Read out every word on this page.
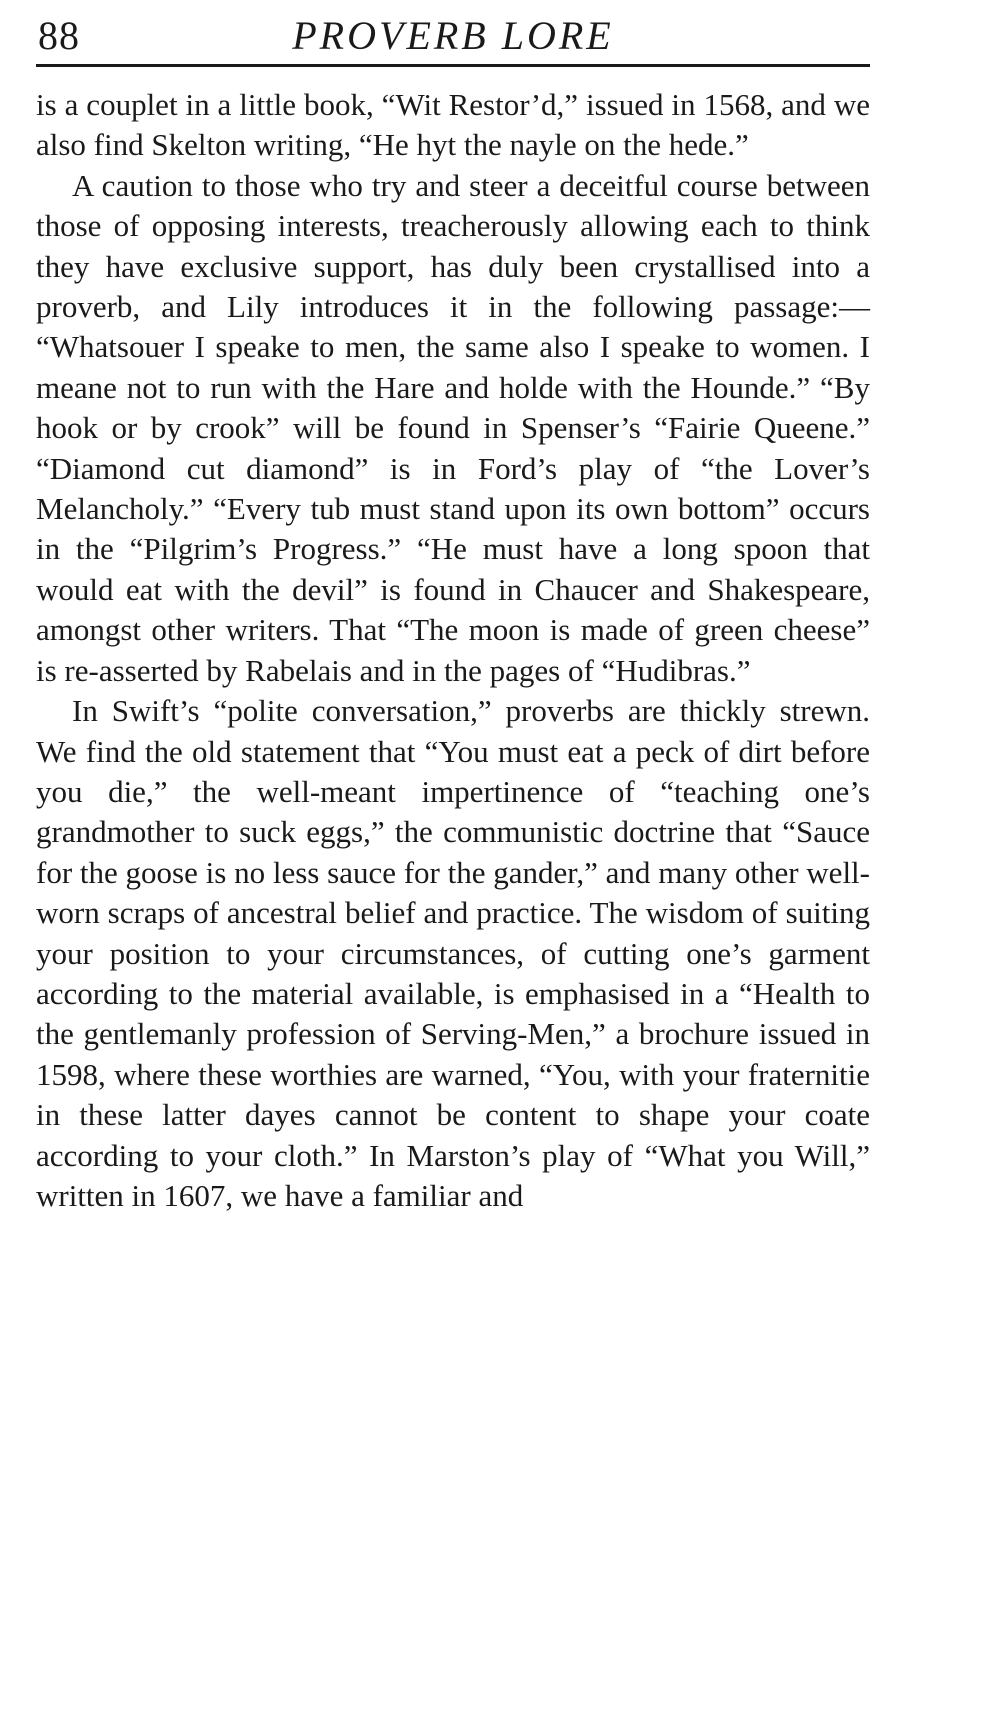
88	PROVERB LORE

is a couplet in a little book, “Wit Restor’d,” issued in 1568, and we also find Skelton writing, “He hyt the nayle on the hede.”

A caution to those who try and steer a deceitful course between those of opposing interests, treacherously allowing each to think they have exclusive support, has duly been crystallised into a proverb, and Lily introduces it in the following passage:— “Whatsouer I speake to men, the same also I speake to women. I meane not to run with the Hare and holde with the Hounde.” “By hook or by crook” will be found in Spenser’s “Fairie Queene.” “Diamond cut diamond” is in Ford’s play of “the Lover’s Melancholy.” “Every tub must stand upon its own bottom” occurs in the “Pilgrim’s Progress.” “He must have a long spoon that would eat with the devil” is found in Chaucer and Shakespeare, amongst other writers. That “The moon is made of green cheese” is re-asserted by Rabelais and in the pages of “Hudibras.”

In Swift’s “polite conversation,” proverbs are thickly strewn. We find the old statement that “You must eat a peck of dirt before you die,” the well-meant impertinence of “teaching one’s grandmother to suck eggs,” the communistic doctrine that “Sauce for the goose is no less sauce for the gander,” and many other well-worn scraps of ancestral belief and practice. The wisdom of suiting your position to your circumstances, of cutting one’s garment according to the material available, is emphasised in a “Health to the gentlemanly profession of Serving-Men,” a brochure issued in 1598, where these worthies are warned, “You, with your fraternitie in these latter dayes cannot be content to shape your coate according to your cloth.” In Marston’s play of “What you Will,” written in 1607, we have a familiar and
